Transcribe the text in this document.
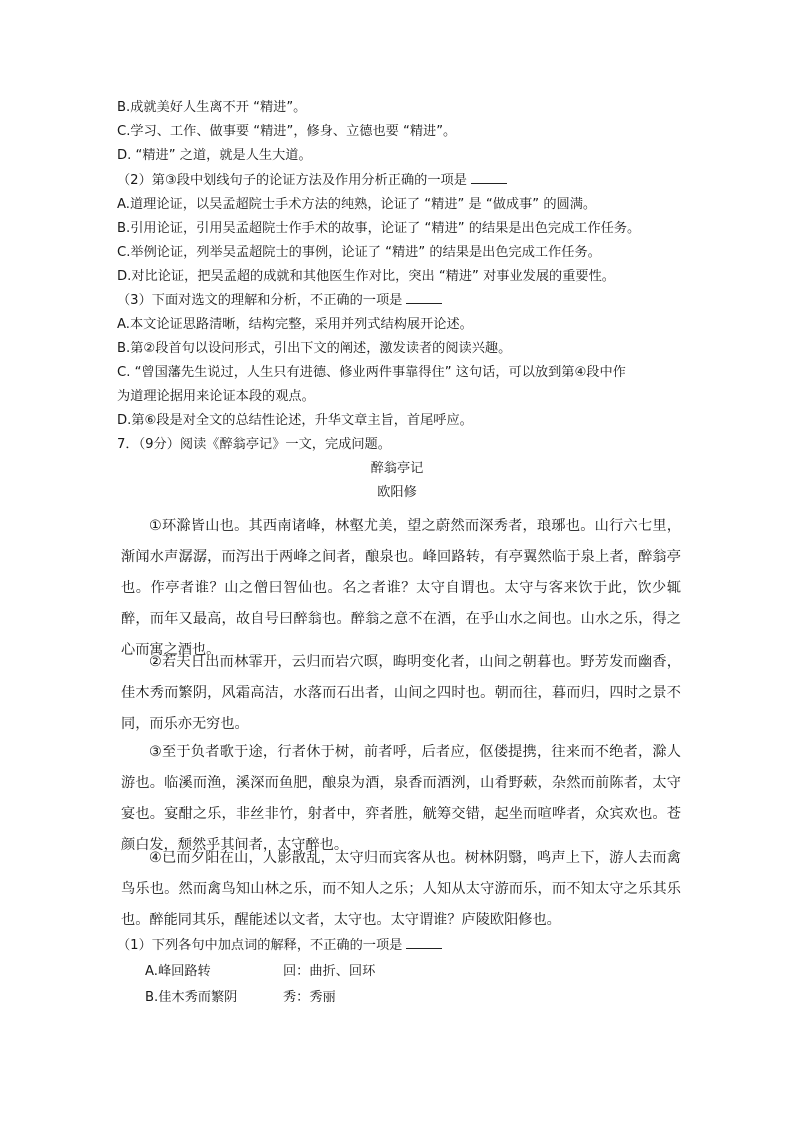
B.成就美好人生离不开 “精进”。
C.学习、工作、做事要 “精进”，修身、立德也要 “精进”。
D. “精进” 之道，就是人生大道。
（2）第③段中划线句子的论证方法及作用分析正确的一项是
A.道理论证，以吴孟超院士手术方法的纯熟，论证了 “精进” 是 “做成事” 的圆满。
B.引用论证，引用吴孟超院士作手术的故事，论证了 “精进” 的结果是出色完成工作任务。
C.举例论证，列举吴孟超院士的事例，论证了 “精进” 的结果是出色完成工作任务。
D.对比论证，把吴孟超的成就和其他医生作对比，突出 “精进” 对事业发展的重要性。
（3）下面对选文的理解和分析，不正确的一项是
A.本文论证思路清晰，结构完整，采用并列式结构展开论述。
B.第②段首句以设问形式，引出下文的阐述，激发读者的阅读兴趣。
C. “曾国藩先生说过，人生只有进德、修业两件事靠得住” 这句话，可以放到第④段中作
为道理论据用来论证本段的观点。
D.第⑥段是对全文的总结性论述，升华文章主旨，首尾呼应。
7．（9分）阅读《醉翁亭记》一文，完成问题。
醉翁亭记
欧阳修
①环滁皆山也。其西南诸峰，林壑尤美，望之蔚然而深秀者，琅琊也。山行六七里，渐闻水声潺潺，而泻出于两峰之间者，酿泉也。峰回路转，有亭翼然临于泉上者，醉翁亭也。作亭者谁？山之僧曰智仙也。名之者谁？太守自谓也。太守与客来饮于此，饮少辄醉，而年又最高，故自号曰醉翁也。醉翁之意不在酒，在乎山水之间也。山水之乐，得之心而寓之酒也。
②若夫日出而林霏开，云归而岩穴暝，晦明变化者，山间之朝暮也。野芳发而幽香，佳木秀而繁阴，风霜高洁，水落而石出者，山间之四时也。朝而往，暮而归，四时之景不同，而乐亦无穷也。
③至于负者歌于途，行者休于树，前者呼，后者应，伛偻提携，往来而不绝者，滁人游也。临溪而渔，溪深而鱼肥，酿泉为酒，泉香而酒洌，山肴野蔌，杂然而前陈者，太守宴也。宴酣之乐，非丝非竹，射者中，弈者胜，觥筹交错，起坐而喧哗者，众宾欢也。苍颜白发，颓然乎其间者，太守醉也。
④已而夕阳在山，人影散乱，太守归而宾客从也。树林阴翳，鸣声上下，游人去而禽鸟乐也。然而禽鸟知山林之乐，而不知人之乐；人知从太守游而乐，而不知太守之乐其乐也。醉能同其乐，醒能述以文者，太守也。太守谓谁？庐陵欧阳修也。
（1）下列各句中加点词的解释，不正确的一项是
A.峰回路转	回：曲折、回环
B.佳木秀而繁阴	秀：秀丽
